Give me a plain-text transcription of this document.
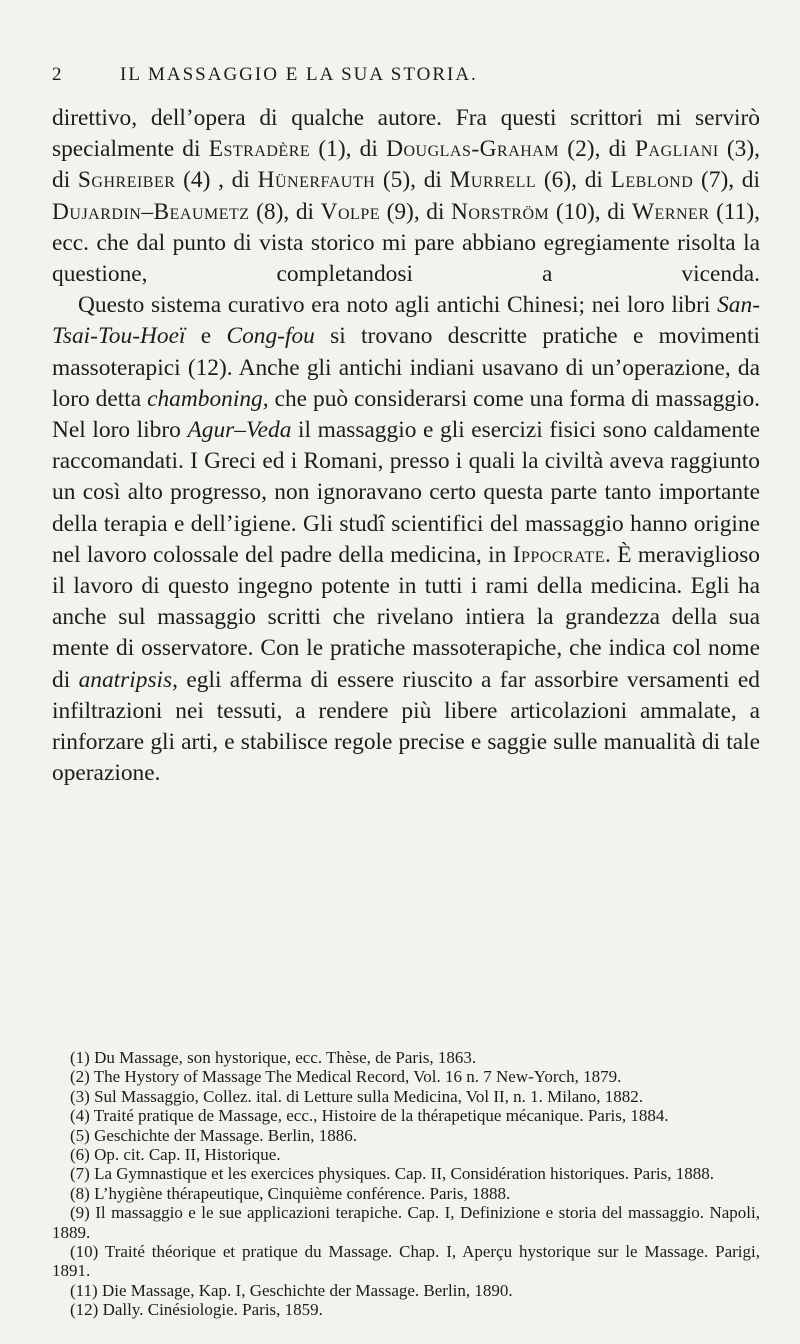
2	IL MASSAGGIO E LA SUA STORIA.

direttivo, dell’opera di qualche autore. Fra questi scrittori mi servirò specialmente di Estradère (1), di Douglas-Graham (2), di Pagliani (3), di Sghreiber (4) , di Hünerfauth (5), di Murrell (6), di Leblond (7), di Dujardin–Beaumetz (8), di Volpe (9), di Norström (10), di Werner (11), ecc. che dal punto di vista storico mi pare abbiano egregiamente risolta la questione, completandosi a vicenda.

Questo sistema curativo era noto agli antichi Chinesi; nei loro libri San-Tsai-Tou-Hoeï e Cong-fou si trovano descritte pratiche e movimenti massoterapici (12). Anche gli antichi indiani usavano di un’operazione, da loro detta chamboning, che può considerarsi come una forma di massaggio. Nel loro libro Agur–Veda il massaggio e gli esercizi fisici sono caldamente raccomandati. I Greci ed i Romani, presso i quali la civiltà aveva raggiunto un così alto progresso, non ignoravano certo questa parte tanto importante della terapia e dell’igiene. Gli studî scientifici del massaggio hanno origine nel lavoro colossale del padre della medicina, in Ippocrate. È meraviglioso il lavoro di questo ingegno potente in tutti i rami della medicina. Egli ha anche sul massaggio scritti che rivelano intiera la grandezza della sua mente di osservatore. Con le pratiche massoterapiche, che indica col nome di anatripsis, egli afferma di essere riuscito a far assorbire versamenti ed infiltrazioni nei tessuti, a rendere più libere articolazioni ammalate, a rinforzare gli arti, e stabilisce regole precise e saggie sulle manualità di tale operazione.

(1) Du Massage, son hystorique, ecc. Thèse, de Paris, 1863.
(2) The Hystory of Massage The Medical Record, Vol. 16 n. 7 New-Yorch, 1879.
(3) Sul Massaggio, Collez. ital. di Letture sulla Medicina, Vol II, n. 1. Milano, 1882.
(4) Traité pratique de Massage, ecc., Histoire de la thérapetique mécanique. Paris, 1884.
(5) Geschichte der Massage. Berlin, 1886.
(6) Op. cit. Cap. II, Historique.
(7) La Gymnastique et les exercices physiques. Cap. II, Considération historiques. Paris, 1888.
(8) L’hygiène thérapeutique, Cinquième conférence. Paris, 1888.
(9) Il massaggio e le sue applicazioni terapiche. Cap. I, Definizione e storia del massaggio. Napoli, 1889.
(10) Traité théorique et pratique du Massage. Chap. I, Aperçu hystorique sur le Massage. Parigi, 1891.
(11) Die Massage, Kap. I, Geschichte der Massage. Berlin, 1890.
(12) Dally. Cinésiologie. Paris, 1859.
